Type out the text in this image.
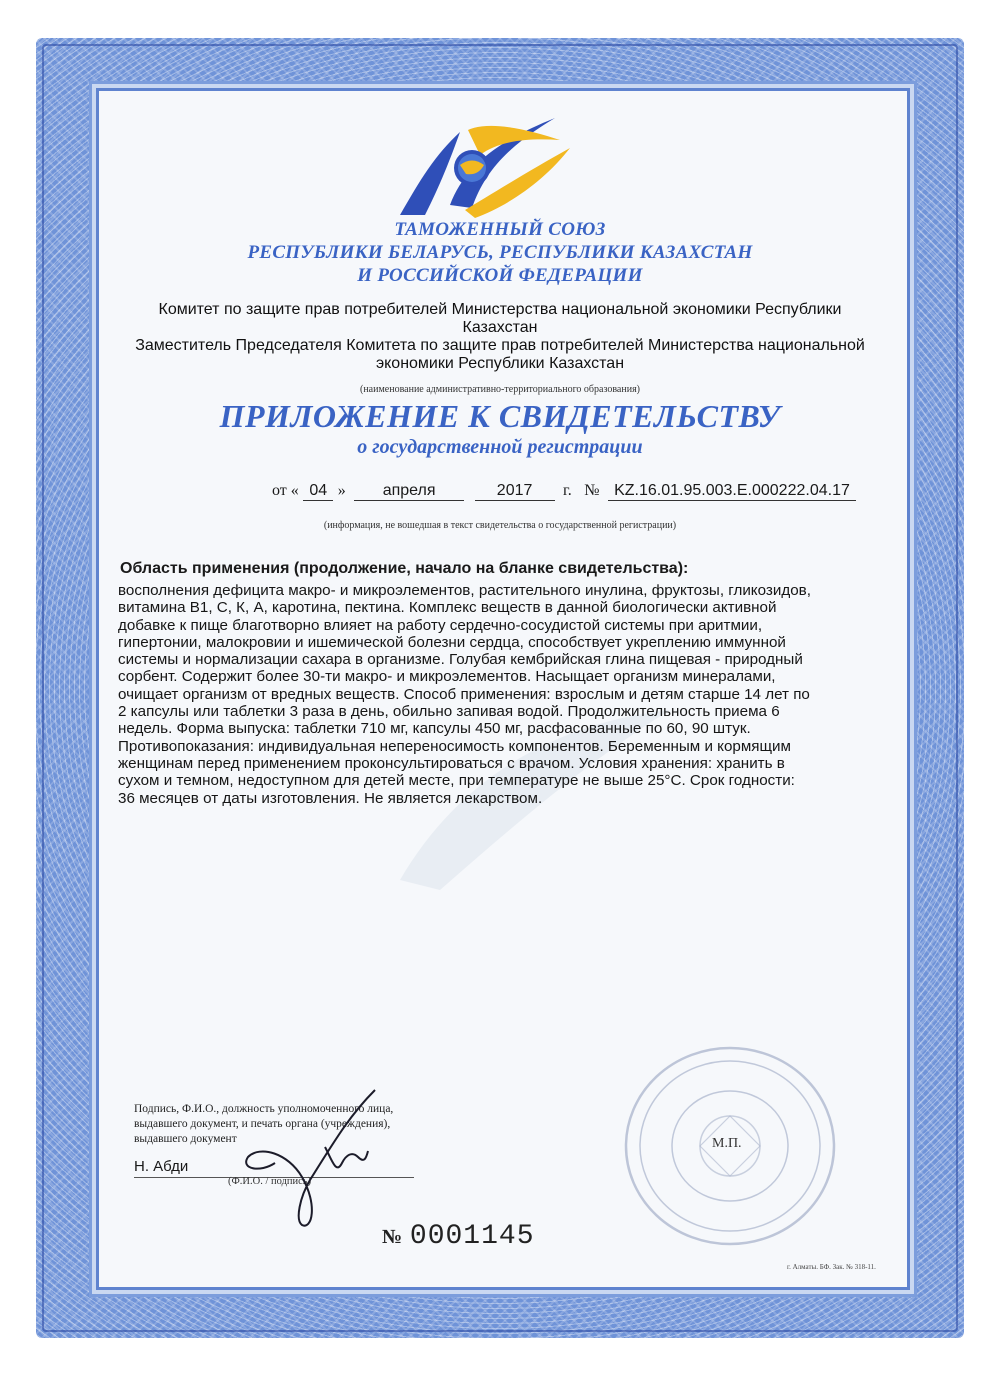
ТАМОЖЕННЫЙ СОЮЗ
РЕСПУБЛИКИ БЕЛАРУСЬ, РЕСПУБЛИКИ КАЗАХСТАН
И РОССИЙСКОЙ ФЕДЕРАЦИИ
Комитет по защите прав потребителей Министерства национальной экономики Республики
Казахстан
Заместитель Председателя Комитета по защите прав потребителей Министерства национальной
экономики Республики Казахстан
(наименование административно-территориального образования)
ПРИЛОЖЕНИЕ К СВИДЕТЕЛЬСТВУ
о государственной регистрации
от « 04 » апреля	2017 г. № KZ.16.01.95.003.E.000222.04.17
(информация, не вошедшая в текст свидетельства о государственной регистрации)
Область применения (продолжение, начало на бланке свидетельства):
восполнения дефицита макро- и микроэлементов, растительного инулина, фруктозы, гликозидов,
витамина В1, С, К, А, каротина, пектина. Комплекс веществ в данной биологически активной
добавке к пище благотворно влияет на работу сердечно-сосудистой системы при аритмии,
гипертонии, малокровии и ишемической болезни сердца, способствует укреплению иммунной
системы и нормализации сахара в организме. Голубая кембрийская глина пищевая - природный
сорбент. Содержит более 30-ти макро- и микроэлементов. Насыщает организм минералами,
очищает организм от вредных веществ. Способ применения: взрослым и детям старше 14 лет по
2 капсулы или таблетки 3 раза в день, обильно запивая водой. Продолжительность приема 6
недель. Форма выпуска: таблетки 710 мг, капсулы 450 мг, расфасованные по 60, 90 штук.
Противопоказания: индивидуальная непереносимость компонентов. Беременным и кормящим
женщинам перед применением проконсультироваться с врачом. Условия хранения: хранить в
сухом и темном, недоступном для детей месте, при температуре не выше 25°С. Срок годности:
36 месяцев от даты изготовления. Не является лекарством.
Подпись, Ф.И.О., должность уполномоченного лица,
выдавшего документ, и печать органа (учреждения),
выдавшего документ
Н. Абди
(Ф.И.О. / подпись)
М.П.
№ 0001145
г. Алматы. БФ. Зак. № 318-11.
